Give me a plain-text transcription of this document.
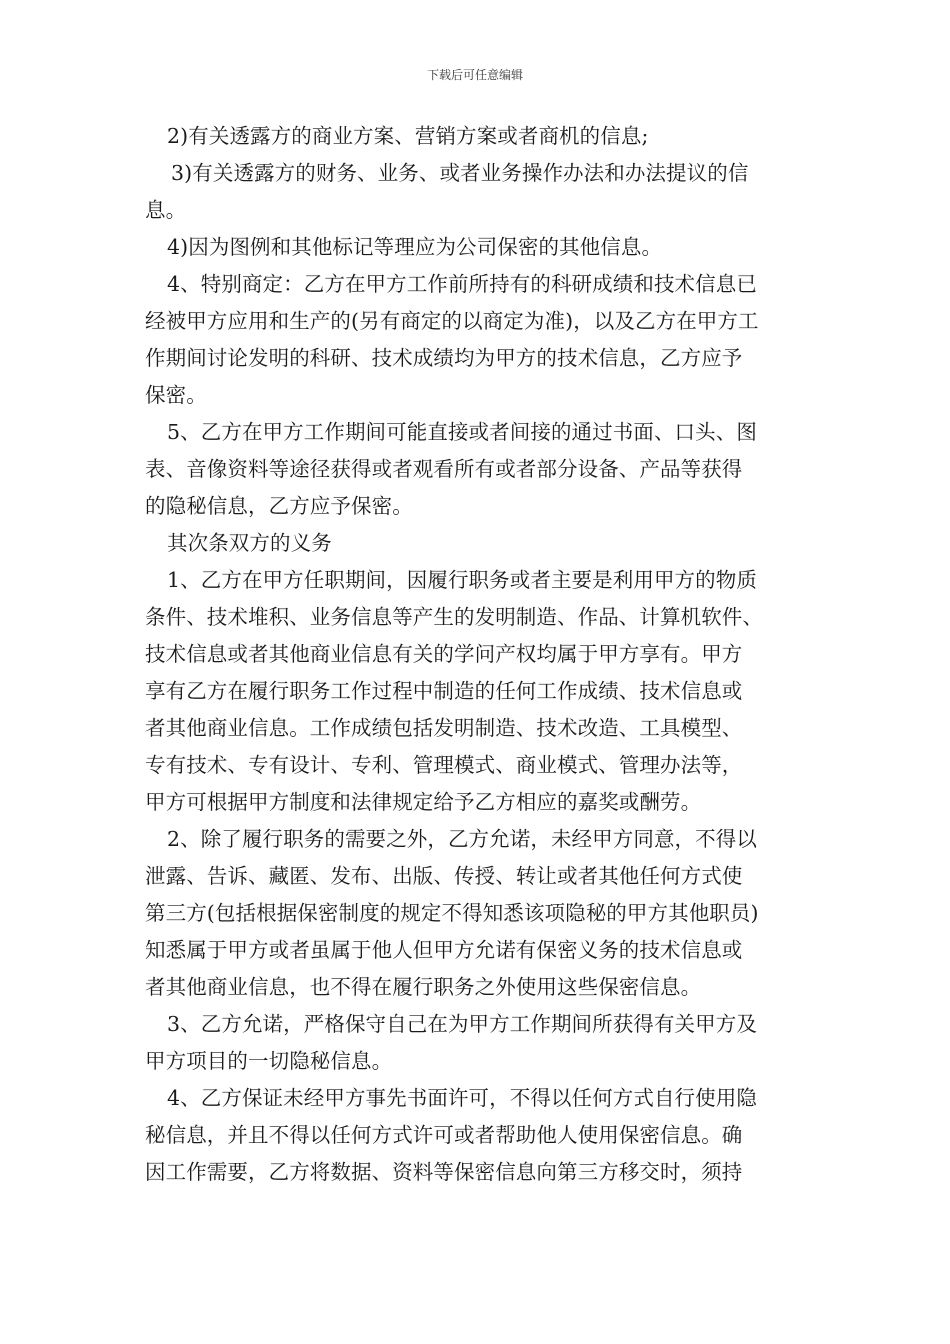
下载后可任意编辑
2)有关透露方的商业方案、营销方案或者商机的信息;
3)有关透露方的财务、业务、或者业务操作办法和办法提议的信
息。
4)因为图例和其他标记等理应为公司保密的其他信息。
4、特别商定：乙方在甲方工作前所持有的科研成绩和技术信息已
经被甲方应用和生产的(另有商定的以商定为准)，以及乙方在甲方工
作期间讨论发明的科研、技术成绩均为甲方的技术信息，乙方应予
保密。
5、乙方在甲方工作期间可能直接或者间接的通过书面、口头、图
表、音像资料等途径获得或者观看所有或者部分设备、产品等获得
的隐秘信息，乙方应予保密。
其次条双方的义务
1、乙方在甲方任职期间，因履行职务或者主要是利用甲方的物质
条件、技术堆积、业务信息等产生的发明制造、作品、计算机软件、
技术信息或者其他商业信息有关的学问产权均属于甲方享有。甲方
享有乙方在履行职务工作过程中制造的任何工作成绩、技术信息或
者其他商业信息。工作成绩包括发明制造、技术改造、工具模型、
专有技术、专有设计、专利、管理模式、商业模式、管理办法等，
甲方可根据甲方制度和法律规定给予乙方相应的嘉奖或酬劳。
2、除了履行职务的需要之外，乙方允诺，未经甲方同意，不得以
泄露、告诉、藏匿、发布、出版、传授、转让或者其他任何方式使
第三方(包括根据保密制度的规定不得知悉该项隐秘的甲方其他职员)
知悉属于甲方或者虽属于他人但甲方允诺有保密义务的技术信息或
者其他商业信息，也不得在履行职务之外使用这些保密信息。
3、乙方允诺，严格保守自己在为甲方工作期间所获得有关甲方及
甲方项目的一切隐秘信息。
4、乙方保证未经甲方事先书面许可，不得以任何方式自行使用隐
秘信息，并且不得以任何方式许可或者帮助他人使用保密信息。确
因工作需要，乙方将数据、资料等保密信息向第三方移交时，须持
